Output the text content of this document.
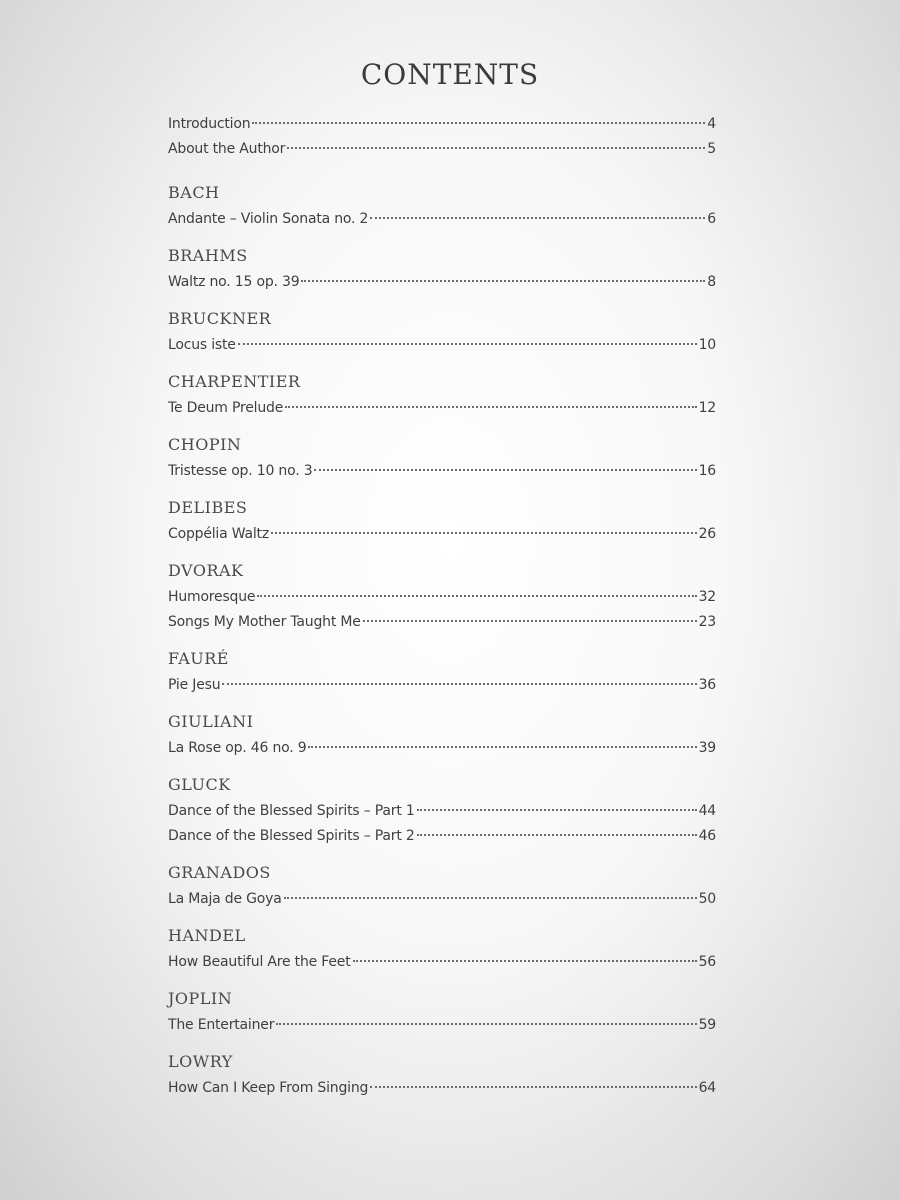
CONTENTS
Introduction	4
About the Author	5
BACH
Andante – Violin Sonata no. 2	6
BRAHMS
Waltz no. 15 op. 39	8
BRUCKNER
Locus iste	10
CHARPENTIER
Te Deum Prelude	12
CHOPIN
Tristesse op. 10 no. 3	16
DELIBES
Coppélia Waltz	26
DVORAK
Humoresque	32
Songs My Mother Taught Me	23
FAURÉ
Pie Jesu	36
GIULIANI
La Rose op. 46 no. 9	39
GLUCK
Dance of the Blessed Spirits – Part 1	44
Dance of the Blessed Spirits – Part 2	46
GRANADOS
La Maja de Goya	50
HANDEL
How Beautiful Are the Feet	56
JOPLIN
The Entertainer	59
LOWRY
How Can I Keep From Singing	64
